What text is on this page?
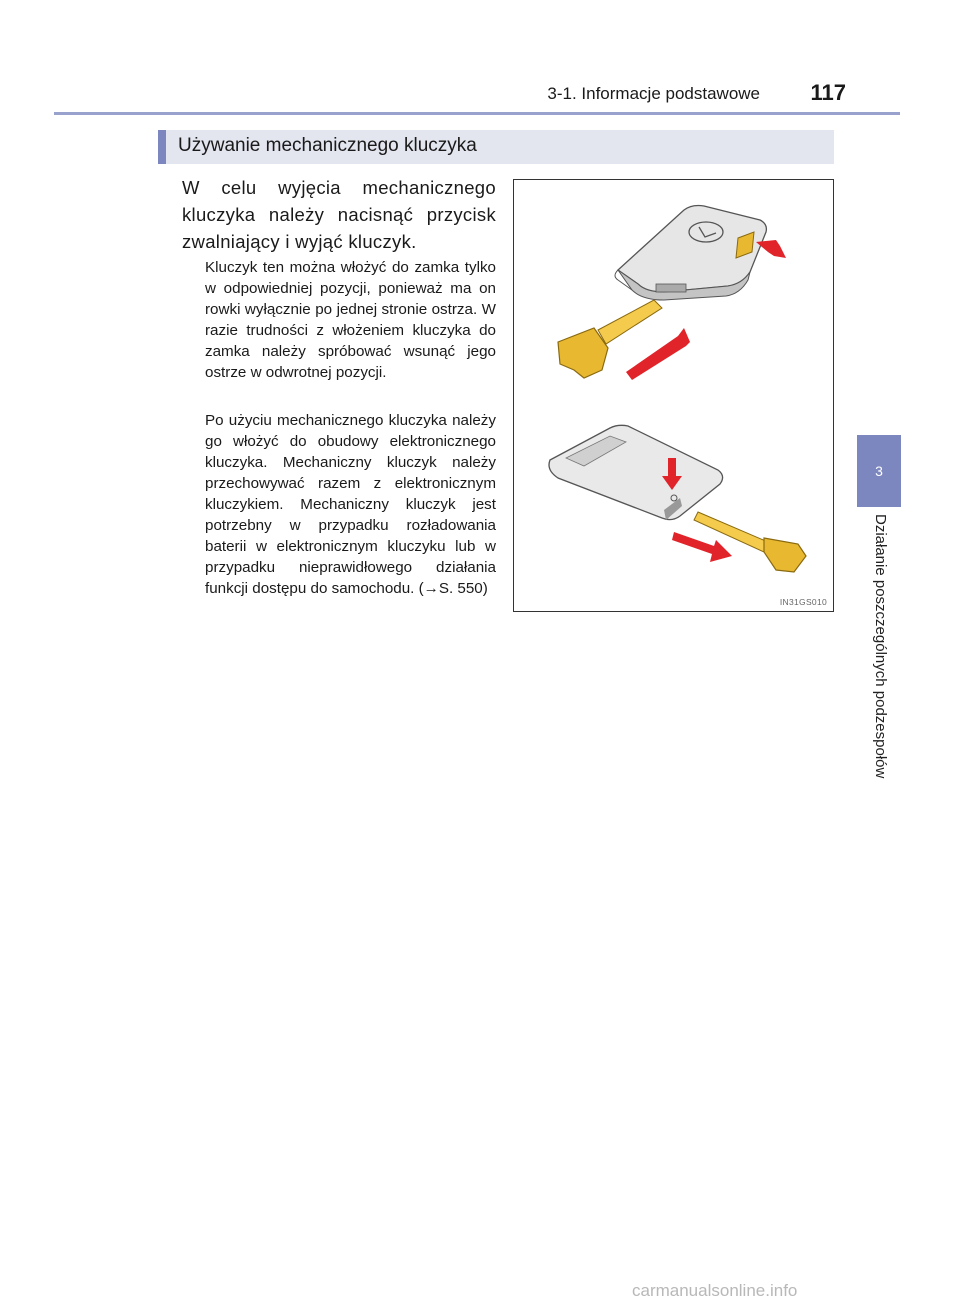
3-1. Informacje podstawowe	117
Używanie mechanicznego kluczyka

W celu wyjęcia mechanicznego kluczyka należy nacisnąć przycisk zwalniający i wyjąć kluczyk.

Kluczyk ten można włożyć do zamka tylko w odpowiedniej pozycji, ponieważ ma on rowki wyłącznie po jednej stronie ostrza. W razie trudności z włożeniem kluczyka do zamka należy spróbować wsunąć jego ostrze w odwrotnej pozycji.

Po użyciu mechanicznego kluczyka należy go włożyć do obudowy elektronicznego kluczyka. Mechaniczny kluczyk należy przechowywać razem z elektronicznym kluczykiem. Mechaniczny kluczyk jest potrzebny w przypadku rozładowania baterii w elektronicznym kluczyku lub w przypadku nieprawidłowego działania funkcji dostępu do samochodu. (→S. 550)

IN31GS010
3
Działanie poszczególnych podzespołów
carmanualsonline.info
